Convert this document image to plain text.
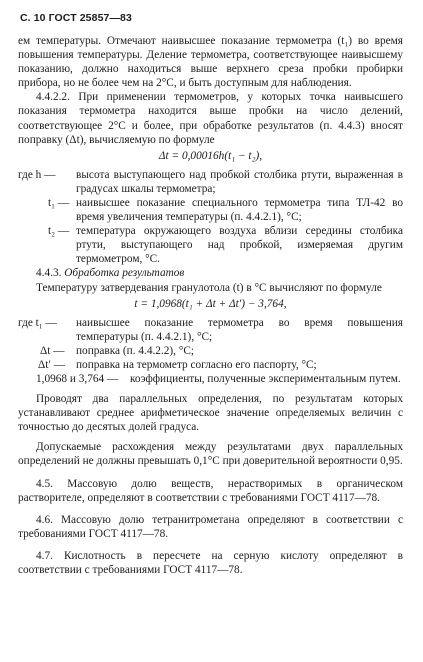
С. 10 ГОСТ 25857—83

ем температуры. Отмечают наивысшее показание термометра (t₁) во время повышения температуры. Деление термометра, соответствующее наивысшему показанию, должно находиться выше верхнего среза пробки пробирки прибора, но не более чем на 2°С, и быть доступным для наблюдения.

4.4.2.2. При применении термометров, у которых точка наивысшего показания термометра находится выше пробки на число делений, соответствующее 2°С и более, при обработке результатов (п. 4.4.3) вносят поправку (Δt), вычисляемую по формуле

Δt = 0,00016h(t₁ − t₂),
где h —	высота выступающего над пробкой столбика ртути, выраженная в градусах шкалы термометра;
t₁ — наивысшее показание специального термометра типа ТЛ-42 во время увеличения температуры (п. 4.4.2.1), °С;
t₂ — температура окружающего воздуха вблизи середины столбика ртути, выступающего над пробкой, измеряемая другим термометром, °С.

4.4.3. Обработка результатов

Температуру затвердевания гранулотола (t) в °С вычисляют по формуле

t = 1,0968(t₁ + Δt + Δt′) − 3,764,
где t₁ —	наивысшее показание термометра во время повышения температуры (п. 4.4.2.1), °С;
Δt —	поправка (п. 4.4.2.2), °С;
Δt′ — поправка на термометр согласно его паспорту, °С;
1,0968 и 3,764 —	коэффициенты, полученные экспериментальным путем.

Проводят два параллельных определения, по результатам которых устанавливают среднее арифметическое значение определяемых величин с точностью до десятых долей градуса.

Допускаемые расхождения между результатами двух параллельных определений не должны превышать 0,1°С при доверительной вероятности 0,95.

4.5. Массовую долю веществ, нерастворимых в органическом растворителе, определяют в соответствии с требованиями ГОСТ 4117—78.

4.6. Массовую долю тетранитрометана определяют в соответствии с требованиями ГОСТ 4117—78.

4.7. Кислотность в пересчете на серную кислоту определяют в соответствии с требованиями ГОСТ 4117—78.
